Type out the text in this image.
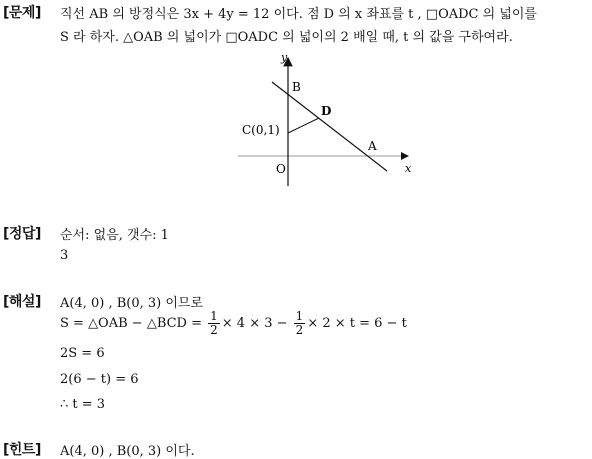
[문제] 직선 AB 의 방정식은 3x + 4y = 12 이다. 점 D 의 x 좌표를 t , □OADC 의 넓이를
S 라 하자. △OAB 의 넓이가 □OADC 의 넓이의 2 배일 때, t 의 값을 구하여라.
y
x
O
A
B
C(0,1)
D
[정답] 순서: 없음, 갯수: 1
3
[해설] A(4, 0) , B(0, 3) 이므로
S = △OAB − △BCD = $\frac{1}{2} \times 4 \times 3 - \frac{1}{2} \times 2 \times t = 6 - t$
2S = 6
2(6 − t) = 6
∴ t = 3
[힌트] A(4, 0) , B(0, 3) 이다.
